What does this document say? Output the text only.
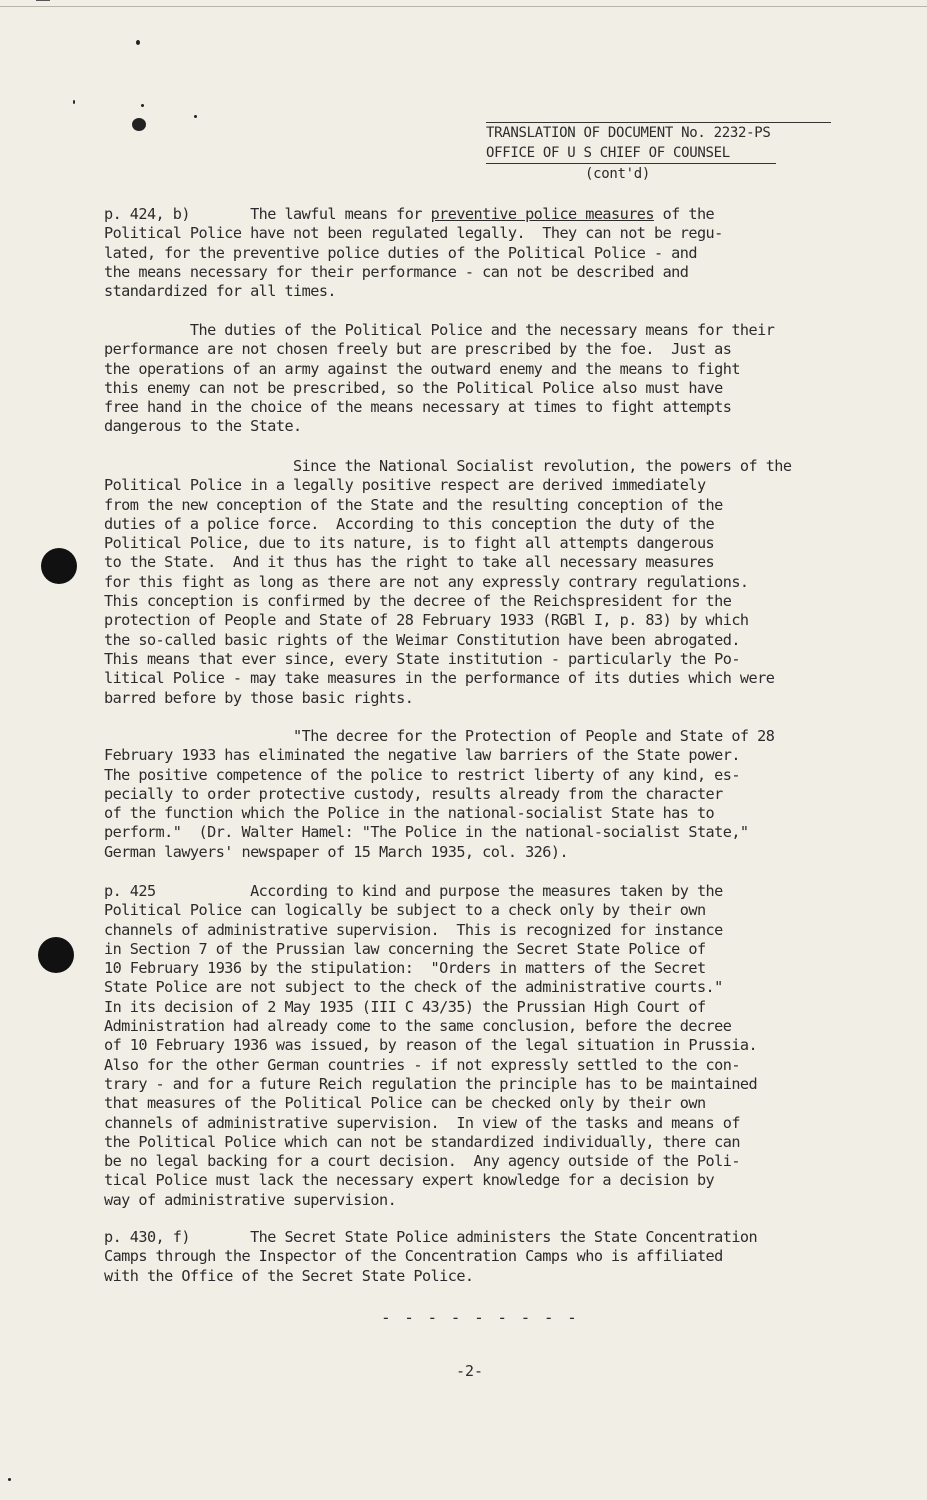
TRANSLATION OF DOCUMENT No. 2232-PS
OFFICE OF U S CHIEF OF COUNSEL
(cont'd)
p. 424, b)       The lawful means for preventive police measures of the
Political Police have not been regulated legally.  They can not be regu-
lated, for the preventive police duties of the Political Police - and
the means necessary for their performance - can not be described and
standardized for all times.
The duties of the Political Police and the necessary means for their
performance are not chosen freely but are prescribed by the foe.  Just as
the operations of an army against the outward enemy and the means to fight
this enemy can not be prescribed, so the Political Police also must have
free hand in the choice of the means necessary at times to fight attempts
dangerous to the State.
Since the National Socialist revolution, the powers of the
Political Police in a legally positive respect are derived immediately
from the new conception of the State and the resulting conception of the
duties of a police force.  According to this conception the duty of the
Political Police, due to its nature, is to fight all attempts dangerous
to the State.  And it thus has the right to take all necessary measures
for this fight as long as there are not any expressly contrary regulations.
This conception is confirmed by the decree of the Reichspresident for the
protection of People and State of 28 February 1933 (RGBl I, p. 83) by which
the so-called basic rights of the Weimar Constitution have been abrogated.
This means that ever since, every State institution - particularly the Po-
litical Police - may take measures in the performance of its duties which were
barred before by those basic rights.
"The decree for the Protection of People and State of 28
February 1933 has eliminated the negative law barriers of the State power.
The positive competence of the police to restrict liberty of any kind, es-
pecially to order protective custody, results already from the character
of the function which the Police in the national-socialist State has to
perform."  (Dr. Walter Hamel: "The Police in the national-socialist State,"
German lawyers' newspaper of 15 March 1935, col. 326).
p. 425           According to kind and purpose the measures taken by the
Political Police can logically be subject to a check only by their own
channels of administrative supervision.  This is recognized for instance
in Section 7 of the Prussian law concerning the Secret State Police of
10 February 1936 by the stipulation:  "Orders in matters of the Secret
State Police are not subject to the check of the administrative courts."
In its decision of 2 May 1935 (III C 43/35) the Prussian High Court of
Administration had already come to the same conclusion, before the decree
of 10 February 1936 was issued, by reason of the legal situation in Prussia.
Also for the other German countries - if not expressly settled to the con-
trary - and for a future Reich regulation the principle has to be maintained
that measures of the Political Police can be checked only by their own
channels of administrative supervision.  In view of the tasks and means of
the Political Police which can not be standardized individually, there can
be no legal backing for a court decision.  Any agency outside of the Poli-
tical Police must lack the necessary expert knowledge for a decision by
way of administrative supervision.
p. 430, f)       The Secret State Police administers the State Concentration
Camps through the Inspector of the Concentration Camps who is affiliated
with the Office of the Secret State Police.
- - - - - - - - -
-2-
